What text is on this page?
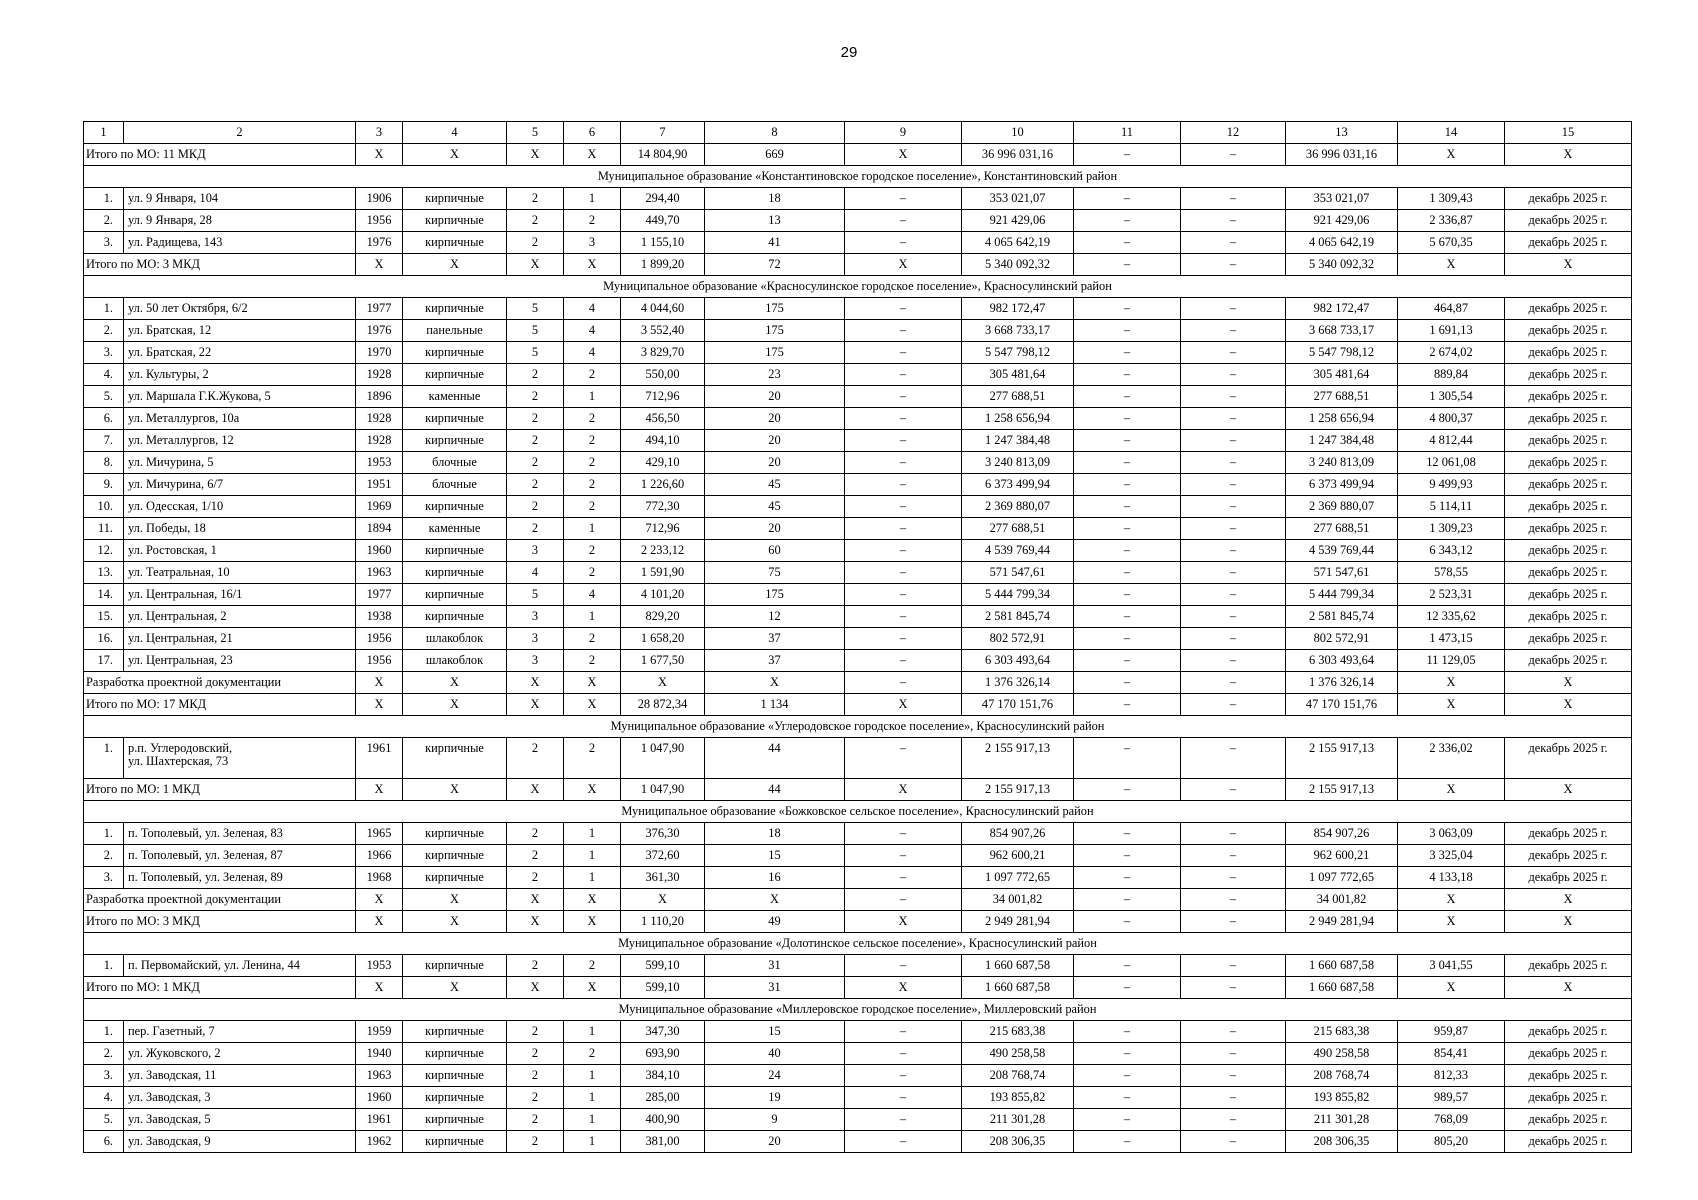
29
1	2	3	4	5	6	7	8	9	10	11	12	13	14	15
Итого по МО: 11 МКД		X	X	X	X	14 804,90	669	X	36 996 031,16	–	–	36 996 031,16	X	X
Муниципальное образование «Константиновское городское поселение», Константиновский район														
1.	ул. 9 Января, 104	1906	кирпичные	2	1	294,40	18	–	353 021,07	–	–	353 021,07	1 309,43	декабрь 2025 г.
2.	ул. 9 Января, 28	1956	кирпичные	2	2	449,70	13	–	921 429,06	–	–	921 429,06	2 336,87	декабрь 2025 г.
3.	ул. Радищева, 143	1976	кирпичные	2	3	1 155,10	41	–	4 065 642,19	–	–	4 065 642,19	5 670,35	декабрь 2025 г.
Итого по МО: 3 МКД		X	X	X	X	1 899,20	72	X	5 340 092,32	–	–	5 340 092,32	X	X
Муниципальное образование «Красносулинское городское поселение», Красносулинский район														
1.	ул. 50 лет Октября, 6/2	1977	кирпичные	5	4	4 044,60	175	–	982 172,47	–	–	982 172,47	464,87	декабрь 2025 г.
2.	ул. Братская, 12	1976	панельные	5	4	3 552,40	175	–	3 668 733,17	–	–	3 668 733,17	1 691,13	декабрь 2025 г.
3.	ул. Братская, 22	1970	кирпичные	5	4	3 829,70	175	–	5 547 798,12	–	–	5 547 798,12	2 674,02	декабрь 2025 г.
4.	ул. Культуры, 2	1928	кирпичные	2	2	550,00	23	–	305 481,64	–	–	305 481,64	889,84	декабрь 2025 г.
5.	ул. Маршала Г.К.Жукова, 5	1896	каменные	2	1	712,96	20	–	277 688,51	–	–	277 688,51	1 305,54	декабрь 2025 г.
6.	ул. Металлургов, 10а	1928	кирпичные	2	2	456,50	20	–	1 258 656,94	–	–	1 258 656,94	4 800,37	декабрь 2025 г.
7.	ул. Металлургов, 12	1928	кирпичные	2	2	494,10	20	–	1 247 384,48	–	–	1 247 384,48	4 812,44	декабрь 2025 г.
8.	ул. Мичурина, 5	1953	блочные	2	2	429,10	20	–	3 240 813,09	–	–	3 240 813,09	12 061,08	декабрь 2025 г.
9.	ул. Мичурина, 6/7	1951	блочные	2	2	1 226,60	45	–	6 373 499,94	–	–	6 373 499,94	9 499,93	декабрь 2025 г.
10.	ул. Одесская, 1/10	1969	кирпичные	2	2	772,30	45	–	2 369 880,07	–	–	2 369 880,07	5 114,11	декабрь 2025 г.
11.	ул. Победы, 18	1894	каменные	2	1	712,96	20	–	277 688,51	–	–	277 688,51	1 309,23	декабрь 2025 г.
12.	ул. Ростовская, 1	1960	кирпичные	3	2	2 233,12	60	–	4 539 769,44	–	–	4 539 769,44	6 343,12	декабрь 2025 г.
13.	ул. Театральная, 10	1963	кирпичные	4	2	1 591,90	75	–	571 547,61	–	–	571 547,61	578,55	декабрь 2025 г.
14.	ул. Центральная, 16/1	1977	кирпичные	5	4	4 101,20	175	–	5 444 799,34	–	–	5 444 799,34	2 523,31	декабрь 2025 г.
15.	ул. Центральная, 2	1938	кирпичные	3	1	829,20	12	–	2 581 845,74	–	–	2 581 845,74	12 335,62	декабрь 2025 г.
16.	ул. Центральная, 21	1956	шлакоблок	3	2	1 658,20	37	–	802 572,91	–	–	802 572,91	1 473,15	декабрь 2025 г.
17.	ул. Центральная, 23	1956	шлакоблок	3	2	1 677,50	37	–	6 303 493,64	–	–	6 303 493,64	11 129,05	декабрь 2025 г.
Разработка проектной документации		X	X	X	X	X	X	–	1 376 326,14	–	–	1 376 326,14	X	X
Итого по МО: 17 МКД		X	X	X	X	28 872,34	1 134	X	47 170 151,76	–	–	47 170 151,76	X	X
Муниципальное образование «Углеродовское городское поселение», Красносулинский район														
1.	р.п. Углеродовский,
ул. Шахтерская, 73	1961	кирпичные	2	2	1 047,90	44	–	2 155 917,13	–	–	2 155 917,13	2 336,02	декабрь 2025 г.
Итого по МО: 1 МКД		X	X	X	X	1 047,90	44	X	2 155 917,13	–	–	2 155 917,13	X	X
Муниципальное образование «Божковское сельское поселение», Красносулинский район														
1.	п. Тополевый, ул. Зеленая, 83	1965	кирпичные	2	1	376,30	18	–	854 907,26	–	–	854 907,26	3 063,09	декабрь 2025 г.
2.	п. Тополевый, ул. Зеленая, 87	1966	кирпичные	2	1	372,60	15	–	962 600,21	–	–	962 600,21	3 325,04	декабрь 2025 г.
3.	п. Тополевый, ул. Зеленая, 89	1968	кирпичные	2	1	361,30	16	–	1 097 772,65	–	–	1 097 772,65	4 133,18	декабрь 2025 г.
Разработка проектной документации		X	X	X	X	X	X	–	34 001,82	–	–	34 001,82	X	X
Итого по МО: 3 МКД		X	X	X	X	1 110,20	49	X	2 949 281,94	–	–	2 949 281,94	X	X
Муниципальное образование «Долотинское сельское поселение», Красносулинский район														
1.	п. Первомайский, ул. Ленина, 44	1953	кирпичные	2	2	599,10	31	–	1 660 687,58	–	–	1 660 687,58	3 041,55	декабрь 2025 г.
Итого по МО: 1 МКД		X	X	X	X	599,10	31	X	1 660 687,58	–	–	1 660 687,58	X	X
Муниципальное образование «Миллеровское городское поселение», Миллеровский район														
1.	пер. Газетный, 7	1959	кирпичные	2	1	347,30	15	–	215 683,38	–	–	215 683,38	959,87	декабрь 2025 г.
2.	ул. Жуковского, 2	1940	кирпичные	2	2	693,90	40	–	490 258,58	–	–	490 258,58	854,41	декабрь 2025 г.
3.	ул. Заводская, 11	1963	кирпичные	2	1	384,10	24	–	208 768,74	–	–	208 768,74	812,33	декабрь 2025 г.
4.	ул. Заводская, 3	1960	кирпичные	2	1	285,00	19	–	193 855,82	–	–	193 855,82	989,57	декабрь 2025 г.
5.	ул. Заводская, 5	1961	кирпичные	2	1	400,90	9	–	211 301,28	–	–	211 301,28	768,09	декабрь 2025 г.
6.	ул. Заводская, 9	1962	кирпичные	2	1	381,00	20	–	208 306,35	–	–	208 306,35	805,20	декабрь 2025 г.
